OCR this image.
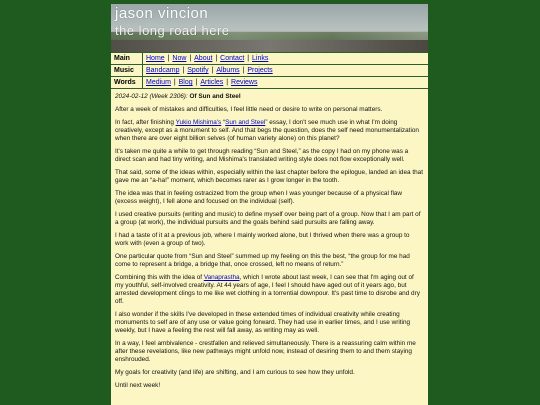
jason vincion
the long road here
Main	Home | Now | About | Contact | Links
Music	Bandcamp | Spotify | Albums | Projects
Words	Medium | Blog | Articles | Reviews

2024-02-12 (Week 2306): Of Sun and Steel

After a week of mistakes and difficulties, I feel little need or desire to write on personal matters.

In fact, after finishing Yukio Mishima's “Sun and Steel” essay, I don't see much use in what I'm doing creatively, except as a monument to self. And that begs the question, does the self need monumentalization when there are over eight billion selves (of human variety alone) on this planet?

It's taken me quite a while to get through reading “Sun and Steel,” as the copy I had on my phone was a direct scan and had tiny writing, and Mishima's translated writing style does not flow exceptionally well.

That said, some of the ideas within, especially within the last chapter before the epilogue, landed an idea that gave me an “a-ha!” moment, which becomes rarer as I grow longer in the tooth.

The idea was that in feeling ostracized from the group when I was younger because of a physical flaw (excess weight), I fell alone and focused on the individual (self).

I used creative pursuits (writing and music) to define myself over being part of a group. Now that I am part of a group (at work), the individual pursuits and the goals behind said pursuits are falling away.

I had a taste of it at a previous job, where I mainly worked alone, but I thrived when there was a group to work with (even a group of two).

One particular quote from “Sun and Steel” summed up my feeling on this the best, “the group for me had come to represent a bridge, a bridge that, once crossed, left no means of return.”

Combining this with the idea of Vanaprastha, which I wrote about last week, I can see that I'm aging out of my youthful, self-involved creativity. At 44 years of age, I feel I should have aged out of it years ago, but arrested development clings to me like wet clothing in a torrential downpour. It's past time to disrobe and dry off.

I also wonder if the skills I've developed in these extended times of individual creativity while creating monuments to self are of any use or value going forward. They had use in earlier times, and I use writing weekly, but I have a feeling the rest will fall away, as writing may as well.

In a way, I feel ambivalence - crestfallen and relieved simultaneously. There is a reassuring calm within me after these revelations, like new pathways might unfold now, instead of desiring them to and them staying enshrouded.

My goals for creativity (and life) are shifting, and I am curious to see how they unfold.

Until next week!
